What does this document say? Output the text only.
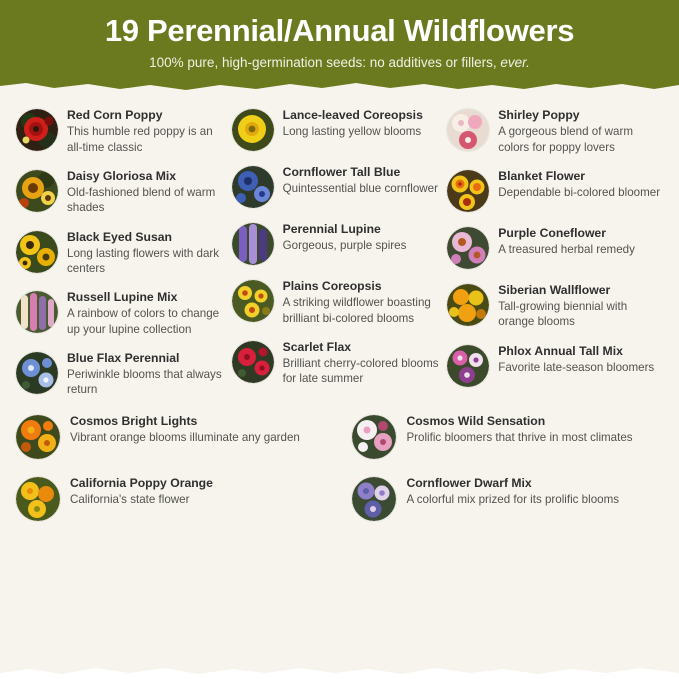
19 Perennial/Annual Wildflowers

100% pure, high-germination seeds: no additives or fillers, ever.

Red Corn Poppy

This humble red poppy is an all-time classic

Daisy Gloriosa Mix

Old-fashioned blend of warm shades

Black Eyed Susan

Long lasting flowers with dark centers

Russell Lupine Mix

A rainbow of colors to change up your lupine collection

Blue Flax Perennial

Periwinkle blooms that always return

Lance-leaved Coreopsis

Long lasting yellow blooms

Cornflower Tall Blue

Quintessential blue cornflower

Perennial Lupine

Gorgeous, purple spires

Plains Coreopsis

A striking wildflower boasting brilliant bi-colored blooms

Scarlet Flax

Brilliant cherry-colored blooms for late summer

Shirley Poppy

A gorgeous blend of warm colors for poppy lovers

Blanket Flower

Dependable bi-colored bloomer

Purple Coneflower

A treasured herbal remedy

Siberian Wallflower

Tall-growing biennial with orange blooms

Phlox Annual Tall Mix

Favorite late-season bloomers

Cosmos Bright Lights

Vibrant orange blooms illuminate any garden

Cosmos Wild Sensation

Prolific bloomers that thrive in most climates

California Poppy Orange

California's state flower

Cornflower Dwarf Mix

A colorful mix prized for its prolific blooms
